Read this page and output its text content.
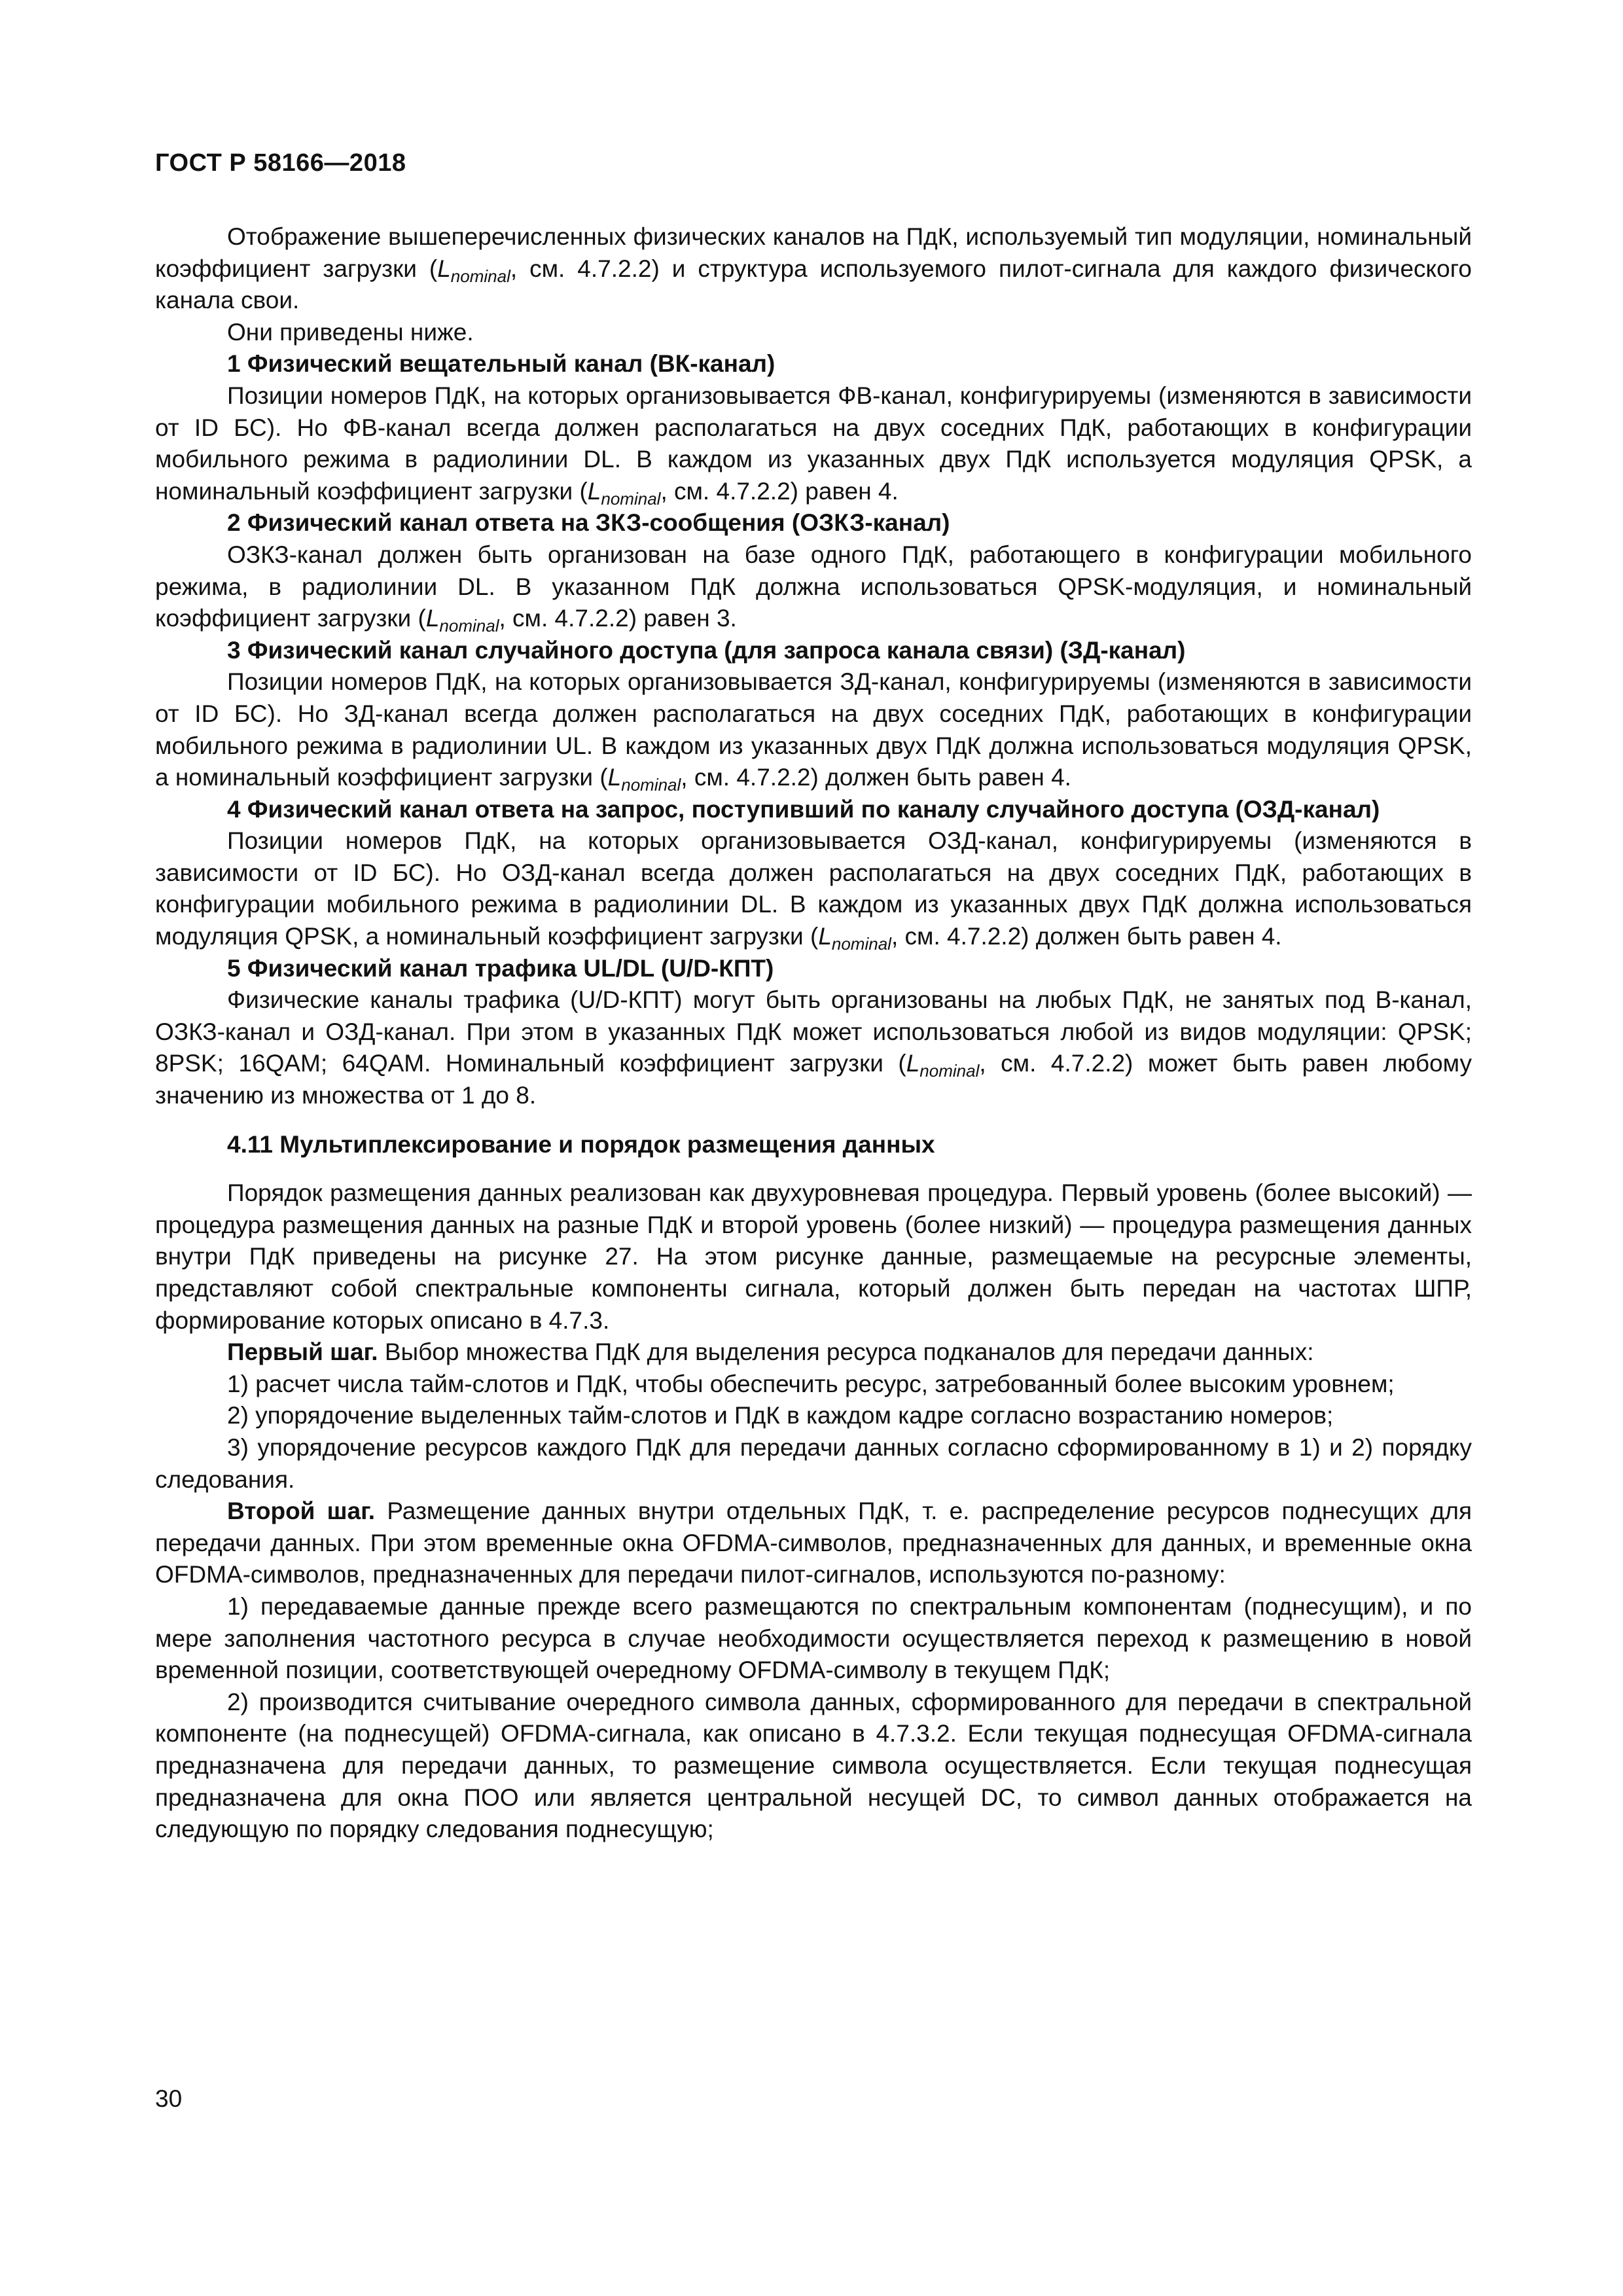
ГОСТ Р 58166—2018

Отображение вышеперечисленных физических каналов на ПдК, используемый тип модуляции, номинальный коэффициент загрузки ($L_{nominal}$, см. 4.7.2.2) и структура используемого пилот-сигнала для каждого физического канала свои.

Они приведены ниже.

1 Физический вещательный канал (ВК-канал)

Позиции номеров ПдК, на которых организовывается ФВ-канал, конфигурируемы (изменяются в зависимости от ID БС). Но ФВ-канал всегда должен располагаться на двух соседних ПдК, работающих в конфигурации мобильного режима в радиолинии DL. В каждом из указанных двух ПдК используется модуляция QPSK, а номинальный коэффициент загрузки ($L_{nominal}$, см. 4.7.2.2) равен 4.

2 Физический канал ответа на ЗКЗ-сообщения (ОЗКЗ-канал)

ОЗКЗ-канал должен быть организован на базе одного ПдК, работающего в конфигурации мобильного режима, в радиолинии DL. В указанном ПдК должна использоваться QPSK-модуляция, и номинальный коэффициент загрузки ($L_{nominal}$, см. 4.7.2.2) равен 3.

3 Физический канал случайного доступа (для запроса канала связи) (ЗД-канал)

Позиции номеров ПдК, на которых организовывается ЗД-канал, конфигурируемы (изменяются в зависимости от ID БС). Но ЗД-канал всегда должен располагаться на двух соседних ПдК, работающих в конфигурации мобильного режима в радиолинии UL. В каждом из указанных двух ПдК должна использоваться модуляция QPSK, а номинальный коэффициент загрузки ($L_{nominal}$, см. 4.7.2.2) должен быть равен 4.

4 Физический канал ответа на запрос, поступивший по каналу случайного доступа (ОЗД-канал)

Позиции номеров ПдК, на которых организовывается ОЗД-канал, конфигурируемы (изменяются в зависимости от ID БС). Но ОЗД-канал всегда должен располагаться на двух соседних ПдК, работающих в конфигурации мобильного режима в радиолинии DL. В каждом из указанных двух ПдК должна использоваться модуляция QPSK, а номинальный коэффициент загрузки ($L_{nominal}$, см. 4.7.2.2) должен быть равен 4.

5 Физический канал трафика UL/DL (U/D-КПТ)

Физические каналы трафика (U/D-КПТ) могут быть организованы на любых ПдК, не занятых под В-канал, ОЗКЗ-канал и ОЗД-канал. При этом в указанных ПдК может использоваться любой из видов модуляции: QPSK; 8PSK; 16QAM; 64QAM. Номинальный коэффициент загрузки ($L_{nominal}$, см. 4.7.2.2) может быть равен любому значению из множества от 1 до 8.

4.11 Мультиплексирование и порядок размещения данных

Порядок размещения данных реализован как двухуровневая процедура. Первый уровень (более высокий) — процедура размещения данных на разные ПдК и второй уровень (более низкий) — процедура размещения данных внутри ПдК приведены на рисунке 27. На этом рисунке данные, размещаемые на ресурсные элементы, представляют собой спектральные компоненты сигнала, который должен быть передан на частотах ШПР, формирование которых описано в 4.7.3.

Первый шаг. Выбор множества ПдК для выделения ресурса подканалов для передачи данных:

1) расчет числа тайм-слотов и ПдК, чтобы обеспечить ресурс, затребованный более высоким уровнем;

2) упорядочение выделенных тайм-слотов и ПдК в каждом кадре согласно возрастанию номеров;

3) упорядочение ресурсов каждого ПдК для передачи данных согласно сформированному в 1) и 2) порядку следования.

Второй шаг. Размещение данных внутри отдельных ПдК, т. е. распределение ресурсов поднесущих для передачи данных. При этом временные окна OFDMA-символов, предназначенных для данных, и временные окна OFDMA-символов, предназначенных для передачи пилот-сигналов, используются по-разному:

1) передаваемые данные прежде всего размещаются по спектральным компонентам (поднесущим), и по мере заполнения частотного ресурса в случае необходимости осуществляется переход к размещению в новой временной позиции, соответствующей очередному OFDMA-символу в текущем ПдК;

2) производится считывание очередного символа данных, сформированного для передачи в спектральной компоненте (на поднесущей) OFDMA-сигнала, как описано в 4.7.3.2. Если текущая поднесущая OFDMA-сигнала предназначена для передачи данных, то размещение символа осуществляется. Если текущая поднесущая предназначена для окна ПОО или является центральной несущей DC, то символ данных отображается на следующую по порядку следования поднесущую;

30
